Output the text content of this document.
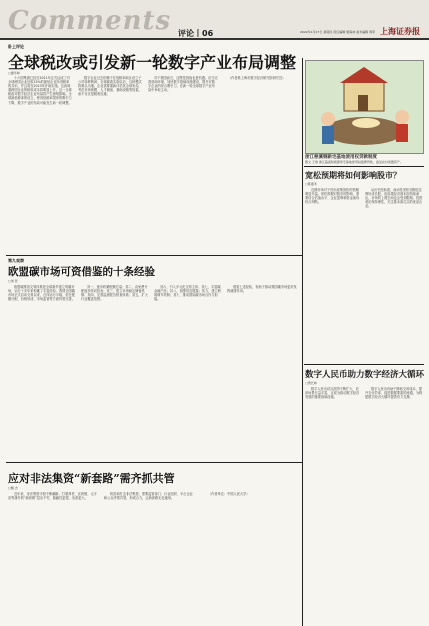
Comments 评论丨06	2022年1月27日 星期四 责任编辑 施海林 美术编辑 周军 上海证券报
卧上评论
全球税改或引发新一轮数字产业布局调整
□谢乐林

十六国集团已经在2021年正式达成了对全球跨国企业征收15%的最低企业所得税率的共识，并且将在2023年开始实施。这意味着跨国企业的税收成本将明显上升。这一全球税改对数字经济企业布局将产生深刻影响。全球最低税率的设立，使得低税率国家的吸引力下降，数字产业的布局可能发生新一轮调整。

数字企业过去依赖于在低税率地区设立子公司转移利润，全球税改实施以后，这种模式将难以为继。企业需要重新评估其全球布局，考虑市场规模、人才储备、基础设施等因素，而不仅仅是税收优惠。

对于我国而言，这既是挑战也是机遇。应当完善营商环境，加快数字基础设施建设，提升对数字企业的综合吸引力，在新一轮全球数字产业布局中争取主动。

（作者系上海市数字经济研究院研究员）

浙江慈溪钢新宅基地使用权贷款制度
图文 王琪 浙江慈溪积极探索宅基地使用权抵押贷款，盘活农村闲置资产。
第九观察
欧盟碳市场可资借鉴的十条经验
□刘 哲

欧盟碳排放交易体系是全球最早建立的碳市场，运行十多年来积累了丰富经验。我国全国碳市场正式启动交易以来，总体运行平稳，但在配额分配、价格形成、市场监管等方面仍需完善。

其一，逐步收紧配额总量；其二，由免费分配逐步转向拍卖；其三，建立市场稳定储备机制；其四，完善监测报告核查体系；其五，扩大行业覆盖范围。

其六，引入多元化交易主体；其七，丰富碳金融产品；其八，加强信息披露；其九，建立跨境调节机制；其十，推动国际碳市场合作与衔接。

借鉴上述经验，有助于推动我国碳市场更好发挥减排作用。

应对非法集资“新套路”需齐抓共管
□鲍 吉

近年来，非法集资手段不断翻新，打着养老、区块链、元宇宙等旗号的“新套路”层出不穷，隐蔽性更强，危害更大。

防范和打击非法集资，需要监管部门、行业组织、平台企业和公众齐抓共管，形成合力，让新套路无处遁形。

（作者单位：中国人民大学）

宽松预期将如何影响股市？
□陈嘉禾

近期市场对于货币政策宽松的预期明显升温。宽松预期对股市的影响，需要结合估值水平、企业盈利和资金流向综合判断。

从历史经验看，流动性宽松初期往往利好成长股，但如果经济基本面持续承压，市场的上涨空间也会受到限制。投资者应保持理性，关注基本面扎实的优质企业。

数字人民币助力数字经济大循环
□曾长林

数字人民币试点范围不断扩大，应用场景日益丰富，正成为推动数字经济发展的重要基础设施。

数字人民币有助于降低交易成本，提升支付效率，促进数据要素的流通，为构建数字经济大循环提供有力支撑。
